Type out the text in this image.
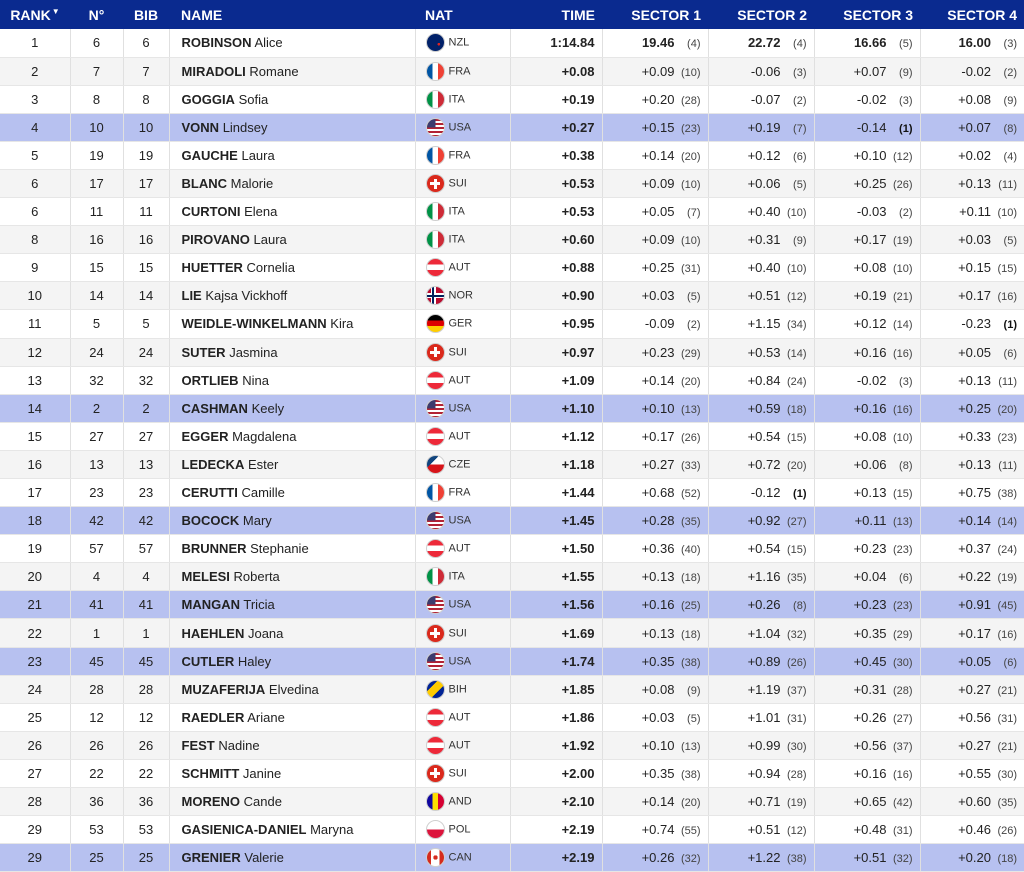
RANK▼	N°	BIB	NAME	NAT	TIME	SECTOR 1	SECTOR 2	SECTOR 3	SECTOR 4
1	6	6	ROBINSON Alice	NZL	1:14.84	19.46 (4)	22.72 (4)	16.66 (5)	16.00 (3)
2	7	7	MIRADOLI Romane	FRA	+0.08	+0.09 (10)	-0.06 (3)	+0.07 (9)	-0.02 (2)
3	8	8	GOGGIA Sofia	ITA	+0.19	+0.20 (28)	-0.07 (2)	-0.02 (3)	+0.08 (9)
4	10	10	VONN Lindsey	USA	+0.27	+0.15 (23)	+0.19 (7)	-0.14 (1)	+0.07 (8)
5	19	19	GAUCHE Laura	FRA	+0.38	+0.14 (20)	+0.12 (6)	+0.10 (12)	+0.02 (4)
6	17	17	BLANC Malorie	SUI	+0.53	+0.09 (10)	+0.06 (5)	+0.25 (26)	+0.13 (11)
6	11	11	CURTONI Elena	ITA	+0.53	+0.05 (7)	+0.40 (10)	-0.03 (2)	+0.11 (10)
8	16	16	PIROVANO Laura	ITA	+0.60	+0.09 (10)	+0.31 (9)	+0.17 (19)	+0.03 (5)
9	15	15	HUETTER Cornelia	AUT	+0.88	+0.25 (31)	+0.40 (10)	+0.08 (10)	+0.15 (15)
10	14	14	LIE Kajsa Vickhoff	NOR	+0.90	+0.03 (5)	+0.51 (12)	+0.19 (21)	+0.17 (16)
11	5	5	WEIDLE-WINKELMANN Kira	GER	+0.95	-0.09 (2)	+1.15 (34)	+0.12 (14)	-0.23 (1)
12	24	24	SUTER Jasmina	SUI	+0.97	+0.23 (29)	+0.53 (14)	+0.16 (16)	+0.05 (6)
13	32	32	ORTLIEB Nina	AUT	+1.09	+0.14 (20)	+0.84 (24)	-0.02 (3)	+0.13 (11)
14	2	2	CASHMAN Keely	USA	+1.10	+0.10 (13)	+0.59 (18)	+0.16 (16)	+0.25 (20)
15	27	27	EGGER Magdalena	AUT	+1.12	+0.17 (26)	+0.54 (15)	+0.08 (10)	+0.33 (23)
16	13	13	LEDECKA Ester	CZE	+1.18	+0.27 (33)	+0.72 (20)	+0.06 (8)	+0.13 (11)
17	23	23	CERUTTI Camille	FRA	+1.44	+0.68 (52)	-0.12 (1)	+0.13 (15)	+0.75 (38)
18	42	42	BOCOCK Mary	USA	+1.45	+0.28 (35)	+0.92 (27)	+0.11 (13)	+0.14 (14)
19	57	57	BRUNNER Stephanie	AUT	+1.50	+0.36 (40)	+0.54 (15)	+0.23 (23)	+0.37 (24)
20	4	4	MELESI Roberta	ITA	+1.55	+0.13 (18)	+1.16 (35)	+0.04 (6)	+0.22 (19)
21	41	41	MANGAN Tricia	USA	+1.56	+0.16 (25)	+0.26 (8)	+0.23 (23)	+0.91 (45)
22	1	1	HAEHLEN Joana	SUI	+1.69	+0.13 (18)	+1.04 (32)	+0.35 (29)	+0.17 (16)
23	45	45	CUTLER Haley	USA	+1.74	+0.35 (38)	+0.89 (26)	+0.45 (30)	+0.05 (6)
24	28	28	MUZAFERIJA Elvedina	BIH	+1.85	+0.08 (9)	+1.19 (37)	+0.31 (28)	+0.27 (21)
25	12	12	RAEDLER Ariane	AUT	+1.86	+0.03 (5)	+1.01 (31)	+0.26 (27)	+0.56 (31)
26	26	26	FEST Nadine	AUT	+1.92	+0.10 (13)	+0.99 (30)	+0.56 (37)	+0.27 (21)
27	22	22	SCHMITT Janine	SUI	+2.00	+0.35 (38)	+0.94 (28)	+0.16 (16)	+0.55 (30)
28	36	36	MORENO Cande	AND	+2.10	+0.14 (20)	+0.71 (19)	+0.65 (42)	+0.60 (35)
29	53	53	GASIENICA-DANIEL Maryna	POL	+2.19	+0.74 (55)	+0.51 (12)	+0.48 (31)	+0.46 (26)
29	25	25	GRENIER Valerie	CAN	+2.19	+0.26 (32)	+1.22 (38)	+0.51 (32)	+0.20 (18)
